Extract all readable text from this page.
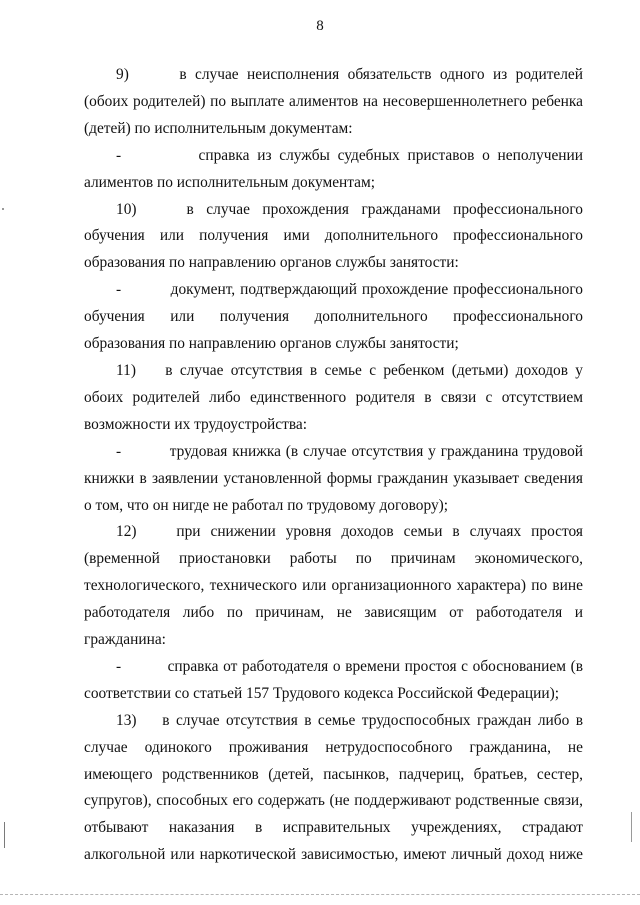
8
9)      в случае неисполнения обязательств одного из родителей
(обоих родителей) по выплате алиментов на несовершеннолетнего ребенка
(детей) по исполнительным документам:
-          справка из службы судебных приставов о неполучении
алиментов по исполнительным документам;
10)    в случае прохождения гражданами профессионального
обучения или получения ими дополнительного профессионального
образования по направлению органов службы занятости:
-          документ, подтверждающий прохождение профессионального
обучения или получения дополнительного профессионального
образования по направлению органов службы занятости;
11)    в случае отсутствия в семье с ребенком (детьми) доходов у
обоих родителей либо единственного родителя в связи с отсутствием
возможности их трудоустройства:
-          трудовая книжка (в случае отсутствия у гражданина трудовой
книжки в заявлении установленной формы гражданин указывает сведения
о том, что он нигде не работал по трудовому договору);
12)    при снижении уровня доходов семьи в случаях простоя
(временной приостановки работы по причинам экономического,
технологического, технического или организационного характера) по вине
работодателя либо по причинам, не зависящим от работодателя и
гражданина:
-          справка от работодателя о времени простоя с обоснованием (в
соответствии со статьей 157 Трудового кодекса Российской Федерации);
13)    в случае отсутствия в семье трудоспособных граждан либо в
случае одинокого проживания нетрудоспособного гражданина, не
имеющего родственников (детей, пасынков, падчериц, братьев, сестер,
супругов), способных его содержать (не поддерживают родственные связи,
отбывают наказания в исправительных учреждениях, страдают
алкогольной или наркотической зависимостью, имеют личный доход ниже
